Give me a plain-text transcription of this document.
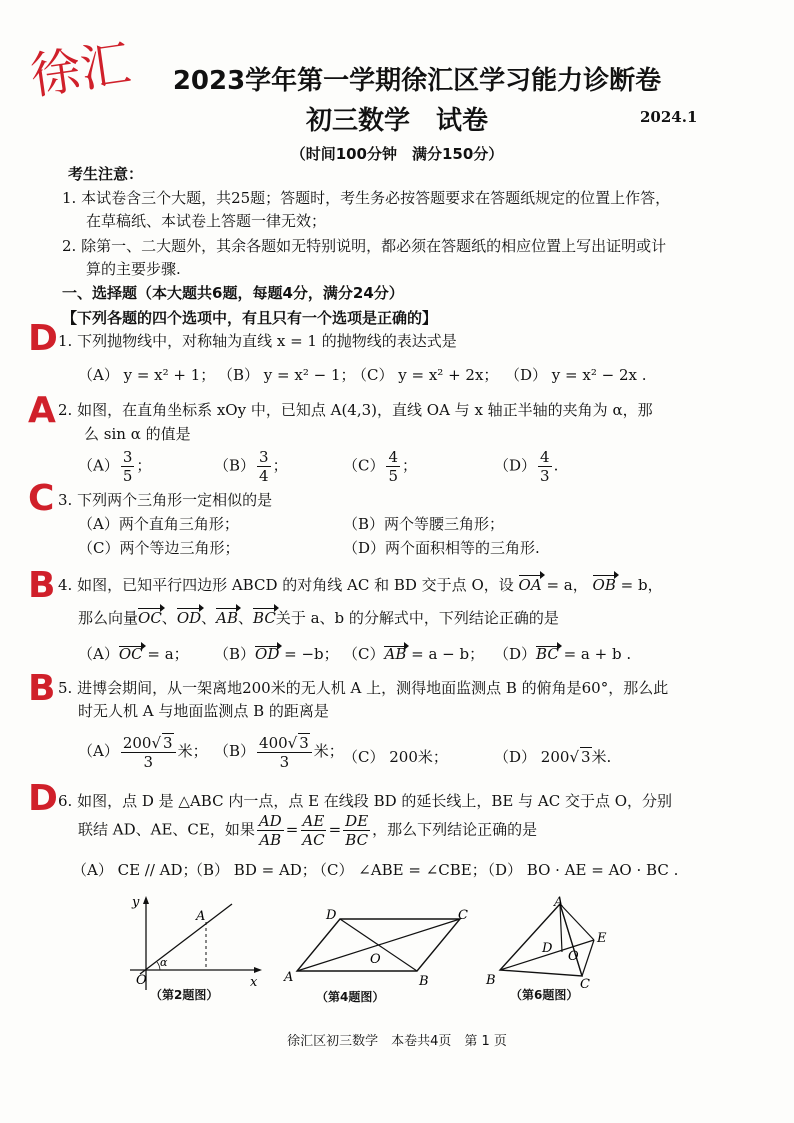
徐汇
D
A
C
B
B
D
2023学年第一学期徐汇区学习能力诊断卷
初三数学　试卷	2024.1
（时间100分钟　满分150分）
考生注意：
1. 本试卷含三个大题，共25题；答题时，考生务必按答题要求在答题纸规定的位置上作答，
在草稿纸、本试卷上答题一律无效；
2. 除第一、二大题外，其余各题如无特别说明，都必须在答题纸的相应位置上写出证明或计
算的主要步骤.
一、选择题（本大题共6题，每题4分，满分24分）
【下列各题的四个选项中，有且只有一个选项是正确的】
1. 下列抛物线中，对称轴为直线 x = 1 的抛物线的表达式是
（A） y = x² + 1； （B） y = x² − 1；
（C） y = x² + 2x； （D） y = x² − 2x .
2. 如图，在直角坐标系 xOy 中，已知点 A(4,3)，直线 OA 与 x 轴正半轴的夹角为 α，那
么 sin α 的值是
$(A) \frac{3}{5}$ ；	$(B) \frac{3}{4}$ ；	$(C) \frac{4}{5}$ ；	$(D) \frac{4}{3}$ .
3. 下列两个三角形一定相似的是
（A）两个直角三角形；	（B）两个等腰三角形；
（C）两个等边三角形；	（D）两个面积相等的三角形.
4. 如图，已知平行四边形 ABCD 的对角线 AC 和 BD 交于点 O，设 OA = a， OB = b，
那么向量OC、OD、AB、BC关于 a、b 的分解式中，下列结论正确的是
（A）OC = a； （B）OD = −b； （C）AB = a − b； （D）BC = a + b .
5. 进博会期间，从一架离地200米的无人机 A 上，测得地面监测点 B 的俯角是60°，那么此
时无人机 A 与地面监测点 B 的距离是
$(A) \frac{200√ 3}{3}$ 米； $(B) \frac{400√ 3}{3}$ 米； （C） 200米；	（D） 200√ 3米.
6. 如图，点 D 是 △ABC 内一点，点 E 在线段 BD 的延长线上，BE 与 AC 交于点 O，分别
联结 AD、AE、CE，如果 $\frac{AD}{AB} = \frac{AE}{AC} = \frac{DE}{BC}$ ，那么下列结论正确的是
（A） CE // AD；
（B） BD = AD；
（C） ∠ABE = ∠CBE；
（D） BO · AE = AO · BC .
y
x
O
A
α
（第2题图）
A	B
C
D
O
（第4题图）
A
B	C
D
E
O
（第6题图）
徐汇区初三数学　本卷共4页　第 1 页
